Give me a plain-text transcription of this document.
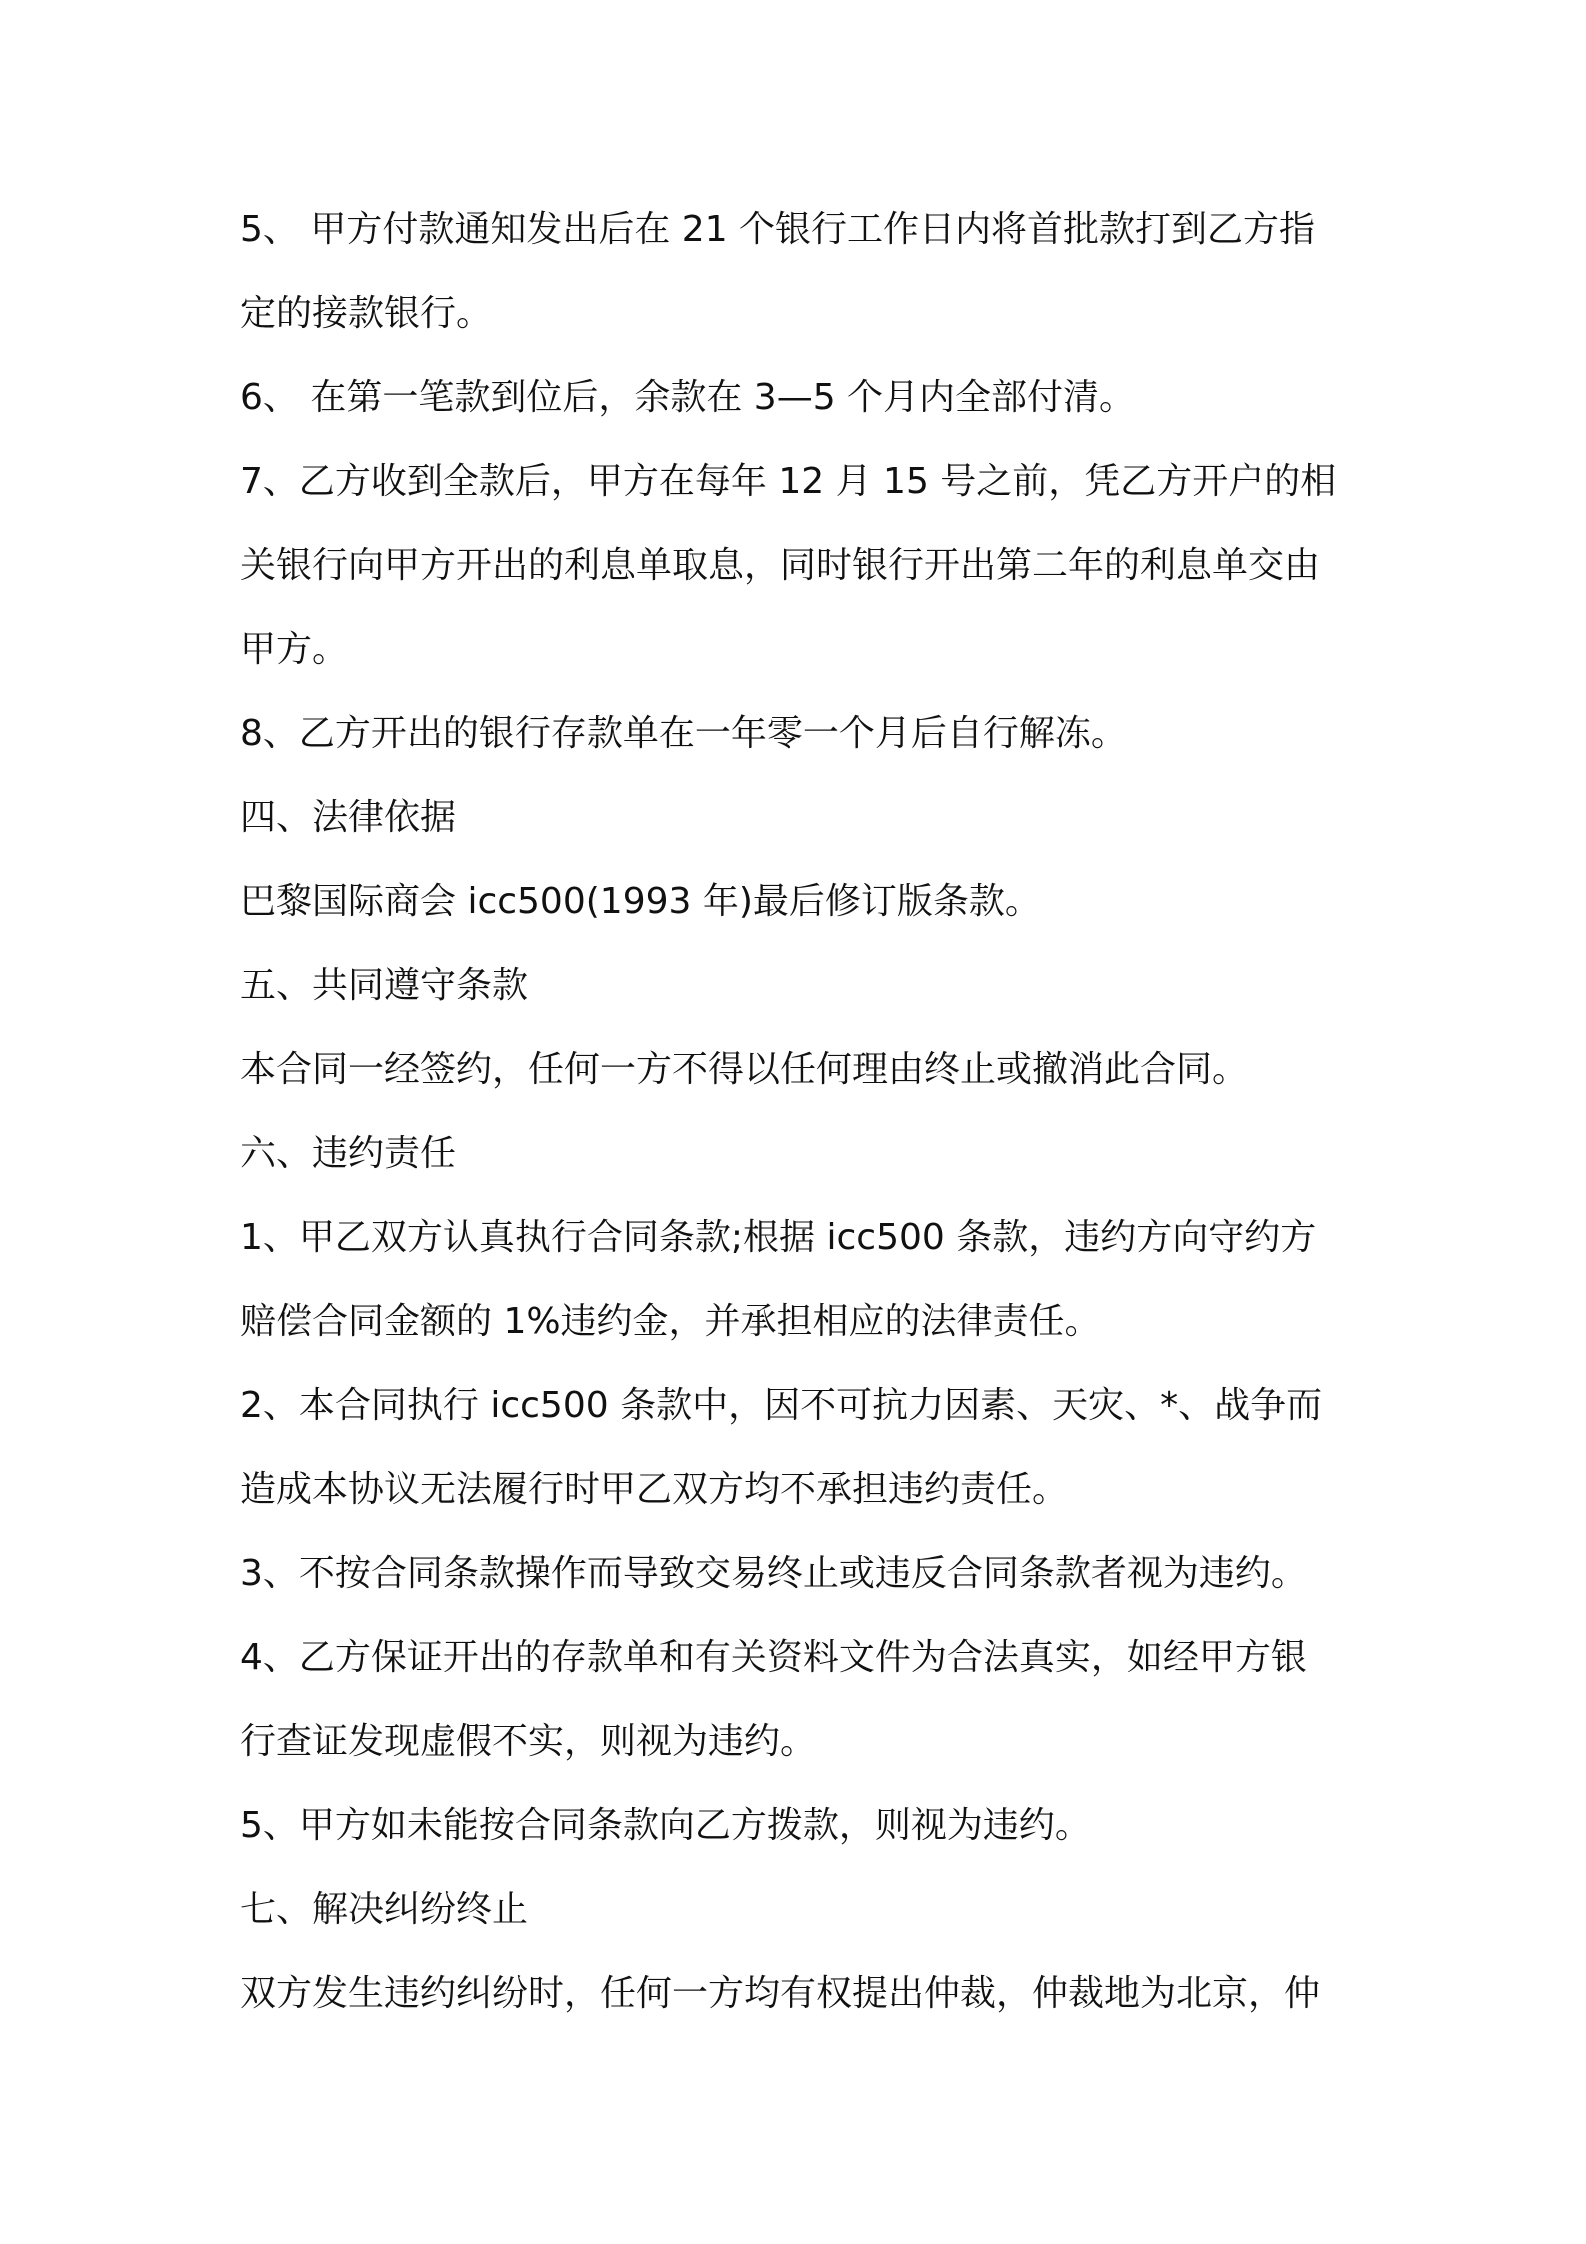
5、 甲方付款通知发出后在 21 个银行工作日内将首批款打到乙方指
定的接款银行。
6、 在第一笔款到位后，余款在 3—5 个月内全部付清。
7、乙方收到全款后，甲方在每年 12 月 15 号之前，凭乙方开户的相
关银行向甲方开出的利息单取息，同时银行开出第二年的利息单交由
甲方。
8、乙方开出的银行存款单在一年零一个月后自行解冻。
四、法律依据
巴黎国际商会 icc500(1993 年)最后修订版条款。
五、共同遵守条款
本合同一经签约，任何一方不得以任何理由终止或撤消此合同。
六、违约责任
1、甲乙双方认真执行合同条款;根据 icc500 条款，违约方向守约方
赔偿合同金额的 1%违约金，并承担相应的法律责任。
2、本合同执行 icc500 条款中，因不可抗力因素、天灾、*、战争而
造成本协议无法履行时甲乙双方均不承担违约责任。
3、不按合同条款操作而导致交易终止或违反合同条款者视为违约。
4、乙方保证开出的存款单和有关资料文件为合法真实，如经甲方银
行查证发现虚假不实，则视为违约。
5、甲方如未能按合同条款向乙方拨款，则视为违约。
七、解决纠纷终止
双方发生违约纠纷时，任何一方均有权提出仲裁，仲裁地为北京，仲
